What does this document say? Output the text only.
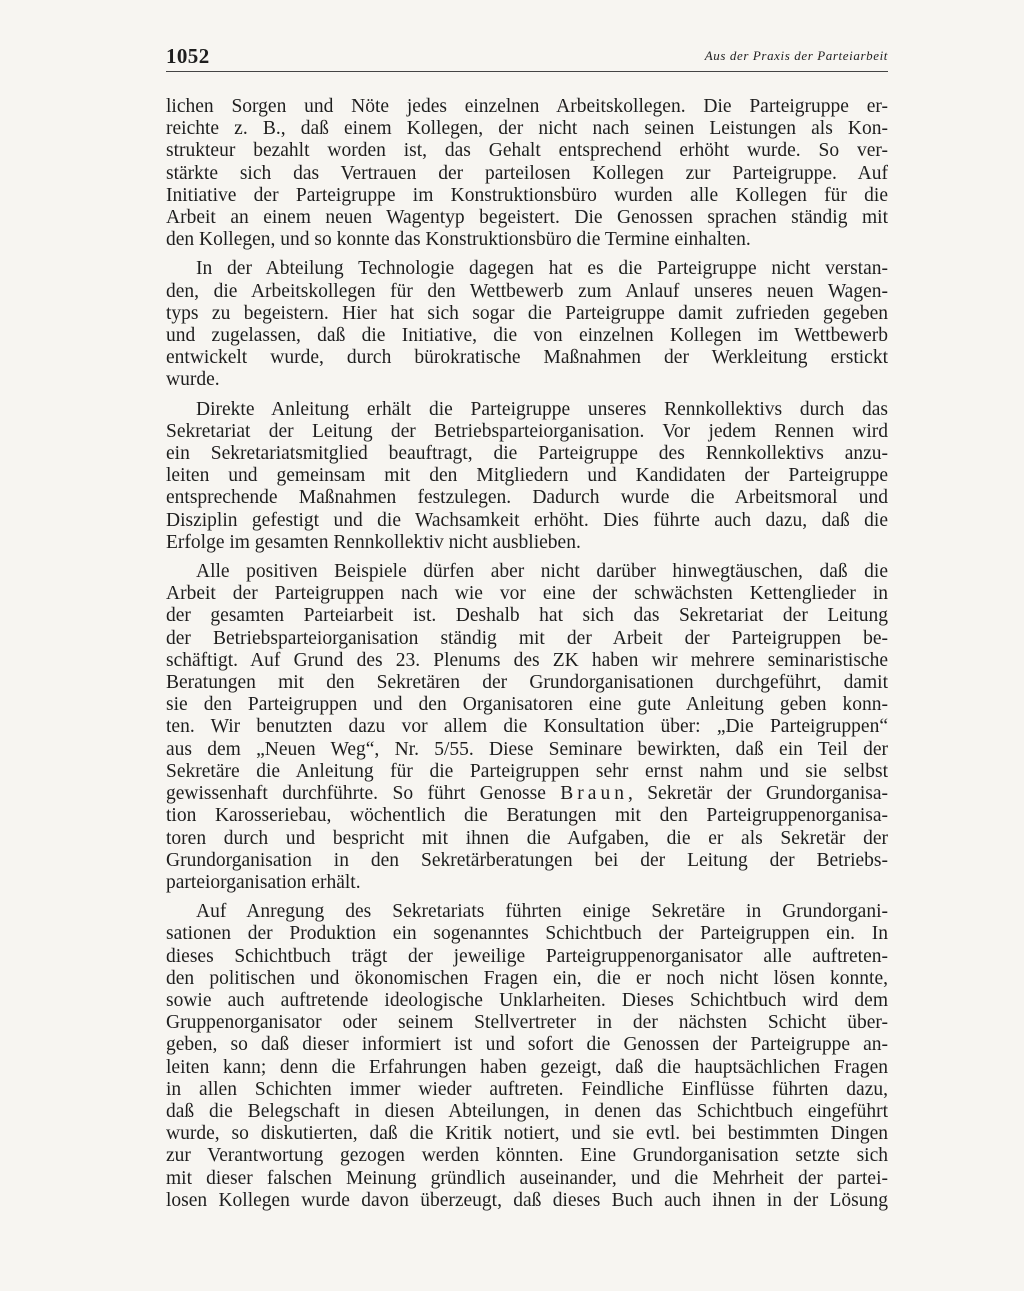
1052	Aus der Praxis der Parteiarbeit
lichen Sorgen und Nöte jedes einzelnen Arbeitskollegen. Die Parteigruppe er-
reichte z. B., daß einem Kollegen, der nicht nach seinen Leistungen als Kon-
strukteur bezahlt worden ist, das Gehalt entsprechend erhöht wurde. So ver-
stärkte sich das Vertrauen der parteilosen Kollegen zur Parteigruppe. Auf
Initiative der Parteigruppe im Konstruktionsbüro wurden alle Kollegen für die
Arbeit an einem neuen Wagentyp begeistert. Die Genossen sprachen ständig mit
den Kollegen, und so konnte das Konstruktionsbüro die Termine einhalten.
In der Abteilung Technologie dagegen hat es die Parteigruppe nicht verstan-
den, die Arbeitskollegen für den Wettbewerb zum Anlauf unseres neuen Wagen-
typs zu begeistern. Hier hat sich sogar die Parteigruppe damit zufrieden gegeben
und zugelassen, daß die Initiative, die von einzelnen Kollegen im Wettbewerb
entwickelt wurde, durch bürokratische Maßnahmen der Werkleitung erstickt
wurde.
Direkte Anleitung erhält die Parteigruppe unseres Rennkollektivs durch das
Sekretariat der Leitung der Betriebsparteiorganisation. Vor jedem Rennen wird
ein Sekretariatsmitglied beauftragt, die Parteigruppe des Rennkollektivs anzu-
leiten und gemeinsam mit den Mitgliedern und Kandidaten der Parteigruppe
entsprechende Maßnahmen festzulegen. Dadurch wurde die Arbeitsmoral und
Disziplin gefestigt und die Wachsamkeit erhöht. Dies führte auch dazu, daß die
Erfolge im gesamten Rennkollektiv nicht ausblieben.
Alle positiven Beispiele dürfen aber nicht darüber hinwegtäuschen, daß die
Arbeit der Parteigruppen nach wie vor eine der schwächsten Kettenglieder in
der gesamten Parteiarbeit ist. Deshalb hat sich das Sekretariat der Leitung
der Betriebsparteiorganisation ständig mit der Arbeit der Parteigruppen be-
schäftigt. Auf Grund des 23. Plenums des ZK haben wir mehrere seminaristische
Beratungen mit den Sekretären der Grundorganisationen durchgeführt, damit
sie den Parteigruppen und den Organisatoren eine gute Anleitung geben konn-
ten. Wir benutzten dazu vor allem die Konsultation über: „Die Parteigruppen“
aus dem „Neuen Weg“, Nr. 5/55. Diese Seminare bewirkten, daß ein Teil der
Sekretäre die Anleitung für die Parteigruppen sehr ernst nahm und sie selbst
gewissenhaft durchführte. So führt Genosse Braun, Sekretär der Grundorganisa-
tion Karosseriebau, wöchentlich die Beratungen mit den Parteigruppenorganisa-
toren durch und bespricht mit ihnen die Aufgaben, die er als Sekretär der
Grundorganisation in den Sekretärberatungen bei der Leitung der Betriebs-
parteiorganisation erhält.
Auf Anregung des Sekretariats führten einige Sekretäre in Grundorgani-
sationen der Produktion ein sogenanntes Schichtbuch der Parteigruppen ein. In
dieses Schichtbuch trägt der jeweilige Parteigruppenorganisator alle auftreten-
den politischen und ökonomischen Fragen ein, die er noch nicht lösen konnte,
sowie auch auftretende ideologische Unklarheiten. Dieses Schichtbuch wird dem
Gruppenorganisator oder seinem Stellvertreter in der nächsten Schicht über-
geben, so daß dieser informiert ist und sofort die Genossen der Parteigruppe an-
leiten kann; denn die Erfahrungen haben gezeigt, daß die hauptsächlichen Fragen
in allen Schichten immer wieder auftreten. Feindliche Einflüsse führten dazu,
daß die Belegschaft in diesen Abteilungen, in denen das Schichtbuch eingeführt
wurde, so diskutierten, daß die Kritik notiert, und sie evtl. bei bestimmten Dingen
zur Verantwortung gezogen werden könnten. Eine Grundorganisation setzte sich
mit dieser falschen Meinung gründlich auseinander, und die Mehrheit der partei-
losen Kollegen wurde davon überzeugt, daß dieses Buch auch ihnen in der Lösung
